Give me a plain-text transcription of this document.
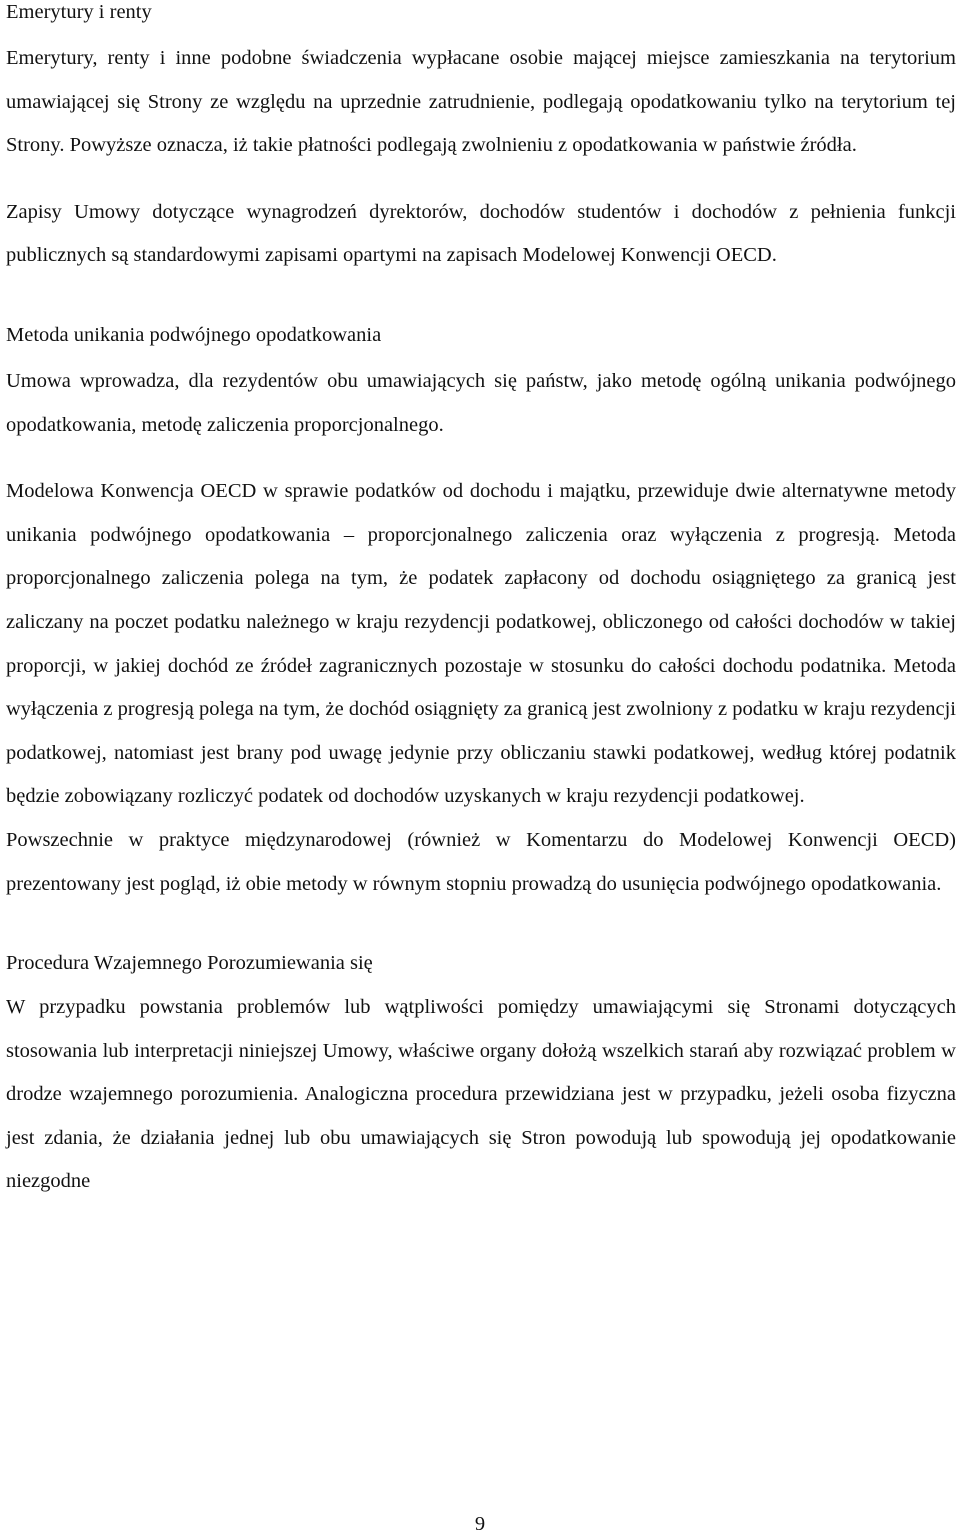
Emerytury i renty

Emerytury, renty i inne podobne świadczenia wypłacane osobie mającej miejsce zamieszkania na terytorium umawiającej się Strony ze względu na uprzednie zatrudnienie, podlegają opodatkowaniu tylko na terytorium tej Strony. Powyższe oznacza, iż takie płatności podlegają zwolnieniu z opodatkowania w państwie źródła.

Zapisy Umowy dotyczące wynagrodzeń dyrektorów, dochodów studentów i dochodów z pełnienia funkcji publicznych są standardowymi zapisami opartymi na zapisach Modelowej Konwencji OECD.

Metoda unikania podwójnego opodatkowania

Umowa wprowadza, dla rezydentów obu umawiających się państw, jako metodę ogólną unikania podwójnego opodatkowania, metodę zaliczenia proporcjonalnego.

Modelowa Konwencja OECD w sprawie podatków od dochodu i majątku, przewiduje dwie alternatywne metody unikania podwójnego opodatkowania – proporcjonalnego zaliczenia oraz wyłączenia z progresją. Metoda proporcjonalnego zaliczenia polega na tym, że podatek zapłacony od dochodu osiągniętego za granicą jest zaliczany na poczet podatku należnego w kraju rezydencji podatkowej, obliczonego od całości dochodów w takiej proporcji, w jakiej dochód ze źródeł zagranicznych pozostaje w stosunku do całości dochodu podatnika. Metoda wyłączenia z progresją polega na tym, że dochód osiągnięty za granicą jest zwolniony z podatku w kraju rezydencji podatkowej, natomiast jest brany pod uwagę jedynie przy obliczaniu stawki podatkowej, według której podatnik będzie zobowiązany rozliczyć podatek od dochodów uzyskanych w kraju rezydencji podatkowej.

Powszechnie w praktyce międzynarodowej (również w Komentarzu do Modelowej Konwencji OECD) prezentowany jest pogląd, iż obie metody w równym stopniu prowadzą do usunięcia podwójnego opodatkowania.

Procedura Wzajemnego Porozumiewania się

W przypadku powstania problemów lub wątpliwości pomiędzy umawiającymi się Stronami dotyczących stosowania lub interpretacji niniejszej Umowy, właściwe organy dołożą wszelkich starań aby rozwiązać problem w drodze wzajemnego porozumienia. Analogiczna procedura przewidziana jest w przypadku, jeżeli osoba fizyczna jest zdania, że działania jednej lub obu umawiających się Stron powodują lub spowodują jej opodatkowanie niezgodne

9
